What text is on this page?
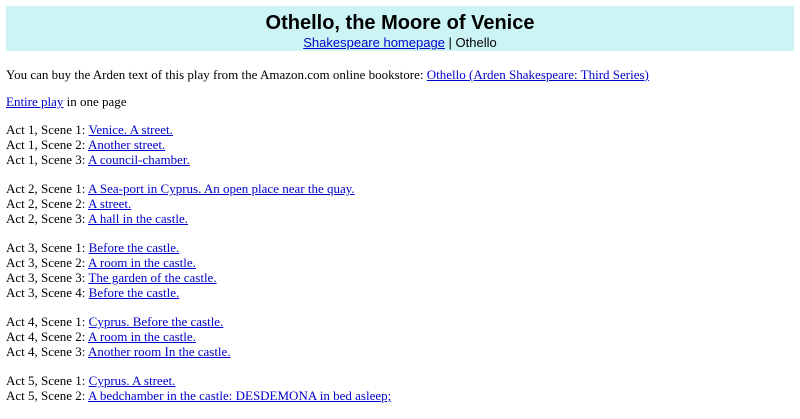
Othello, the Moore of Venice
Shakespeare homepage | Othello
You can buy the Arden text of this play from the Amazon.com online bookstore: Othello (Arden Shakespeare: Third Series)
Entire play in one page
Act 1, Scene 1: Venice. A street.
Act 1, Scene 2: Another street.
Act 1, Scene 3: A council-chamber.
Act 2, Scene 1: A Sea-port in Cyprus. An open place near the quay.
Act 2, Scene 2: A street.
Act 2, Scene 3: A hall in the castle.
Act 3, Scene 1: Before the castle.
Act 3, Scene 2: A room in the castle.
Act 3, Scene 3: The garden of the castle.
Act 3, Scene 4: Before the castle.
Act 4, Scene 1: Cyprus. Before the castle.
Act 4, Scene 2: A room in the castle.
Act 4, Scene 3: Another room In the castle.
Act 5, Scene 1: Cyprus. A street.
Act 5, Scene 2: A bedchamber in the castle: DESDEMONA in bed asleep;
